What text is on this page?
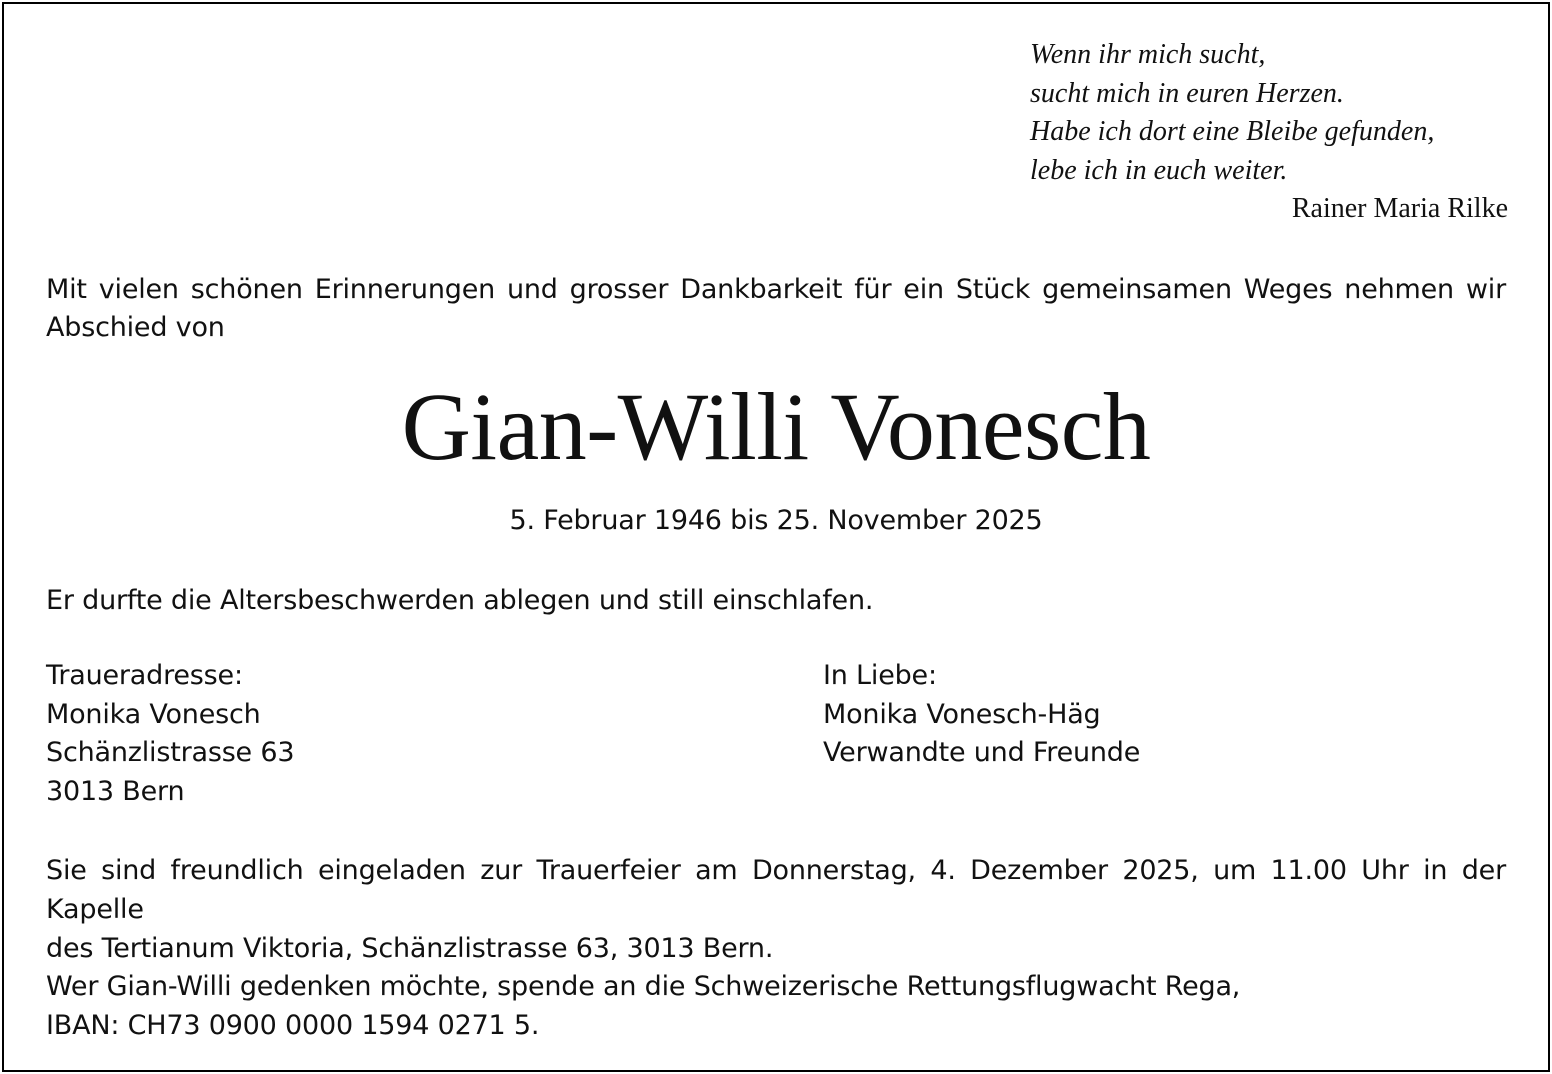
Wenn ihr mich sucht,
sucht mich in euren Herzen.
Habe ich dort eine Bleibe gefunden,
lebe ich in euch weiter.
Rainer Maria Rilke
Mit vielen schönen Erinnerungen und grosser Dankbarkeit für ein Stück gemeinsamen Weges nehmen wir Abschied von
Gian-Willi Vonesch
5. Februar 1946 bis 25. November 2025
Er durfte die Altersbeschwerden ablegen und still einschlafen.
Traueradresse:
Monika Vonesch
Schänzlistrasse 63
3013 Bern
In Liebe:
Monika Vonesch-Häg
Verwandte und Freunde
Sie sind freundlich eingeladen zur Trauerfeier am Donnerstag, 4. Dezember 2025, um 11.00 Uhr in der Kapelle
des Tertianum Viktoria, Schänzlistrasse 63, 3013 Bern.
Wer Gian-Willi gedenken möchte, spende an die Schweizerische Rettungsflugwacht Rega,
IBAN: CH73 0900 0000 1594 0271 5.
